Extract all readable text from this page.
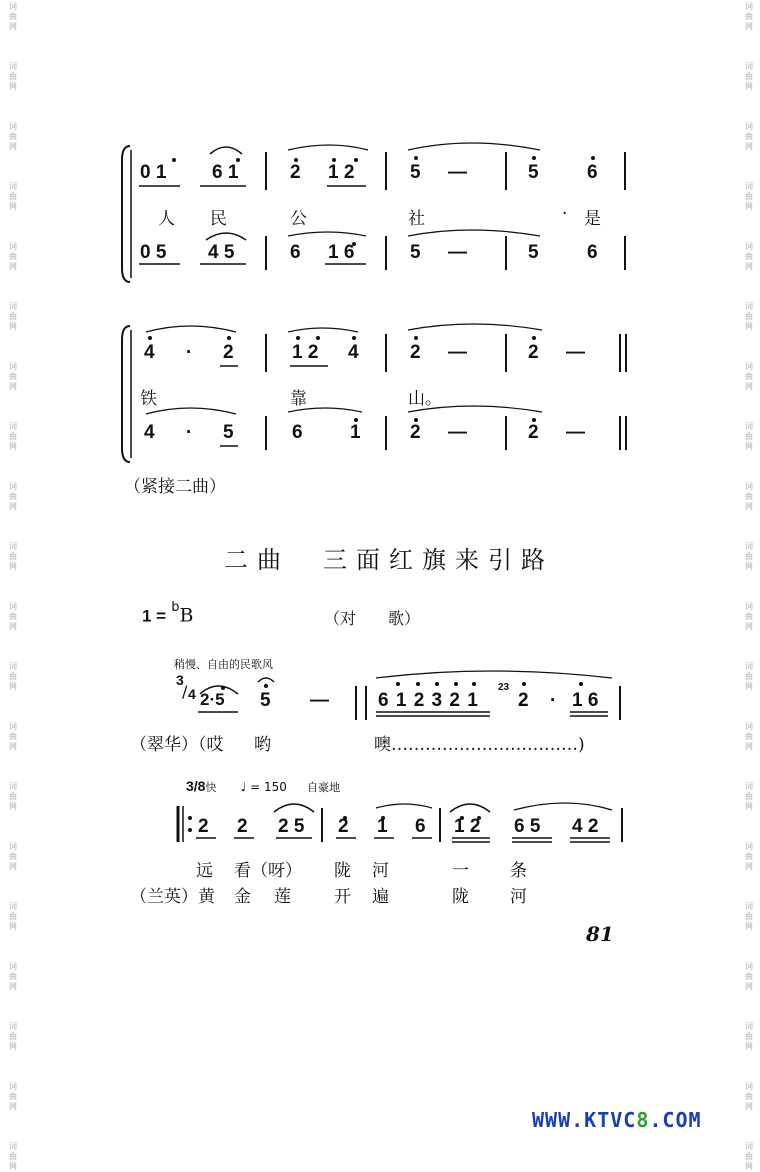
词
曲
网
词
曲
网
词
曲
网
词
曲
网
词
曲
网
词
曲
网
词
曲
网
词
曲
网
词
曲
网
词
曲
网
词
曲
网
词
曲
网
词
曲
网
词
曲
网
词
曲
网
词
曲
网
词
曲
网
词
曲
网
词
曲
网
词
曲
网
词
曲
网
词
曲
网
词
曲
网
词
曲
网
词
曲
网
词
曲
网
词
曲
网
词
曲
网
词
曲
网
词
曲
网
词
曲
网
词
曲
网
词
曲
网
词
曲
网
词
曲
网
词
曲
网
词
曲
网
词
曲
网
词
曲
网
词
曲
网
0 1 6 1	2 1 2	5 —	5	6
人 民	公	社	· 是
0 5 4 5	6 1 6	5 —	5	6
4 · 2	1 2 4	2 —	2 —
铁	靠	山。
4 · 5	6 1	2 —	2 —
（紧接二曲）
二曲　三面红旗来引路
1 = $^b$B	（对　　歌）
稍慢、自由的民歌风
3
/ 4 2·5 5 —	6 1 2 3 2 1
23
2 · 1 6
（翠华）（哎 哟	噢……………………………)
3/8快 ♩ = 150 自豪地
2 2 2 5 2 1 6 1 2 6 5 4 2
远 看（呀） 陇 河	一 条
（兰英）黄 金 莲	开 遍	陇 河
81
WWW.KTVC8.COM
